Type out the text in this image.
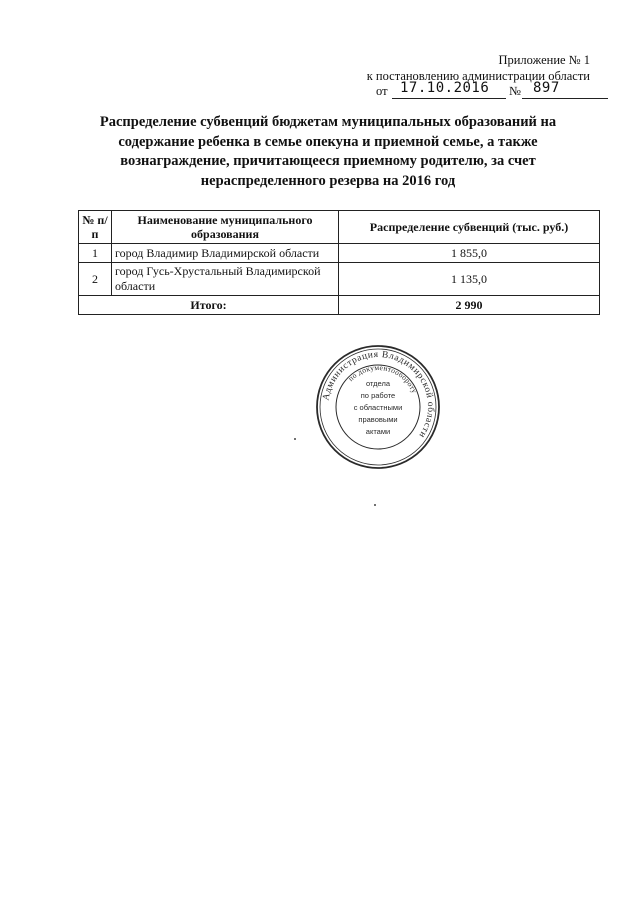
Приложение № 1
к постановлению администрации области
от 17.10.2016 № 897
Распределение субвенций бюджетам муниципальных образований на содержание ребенка в семье опекуна и приемной семье, а также вознаграждение, причитающееся приемному родителю, за счет нераспределенного резерва на 2016 год
№ п/п	Наименование муниципального образования	Распределение субвенций (тыс. руб.)
1	город Владимир Владимирской области	1 855,0
2	город Гусь-Хрустальный Владимирской области	1 135,0
Итого:		2 990
Администрация Владимирской области
по документообороту
отдела
по работе
с областными
правовыми
актами
